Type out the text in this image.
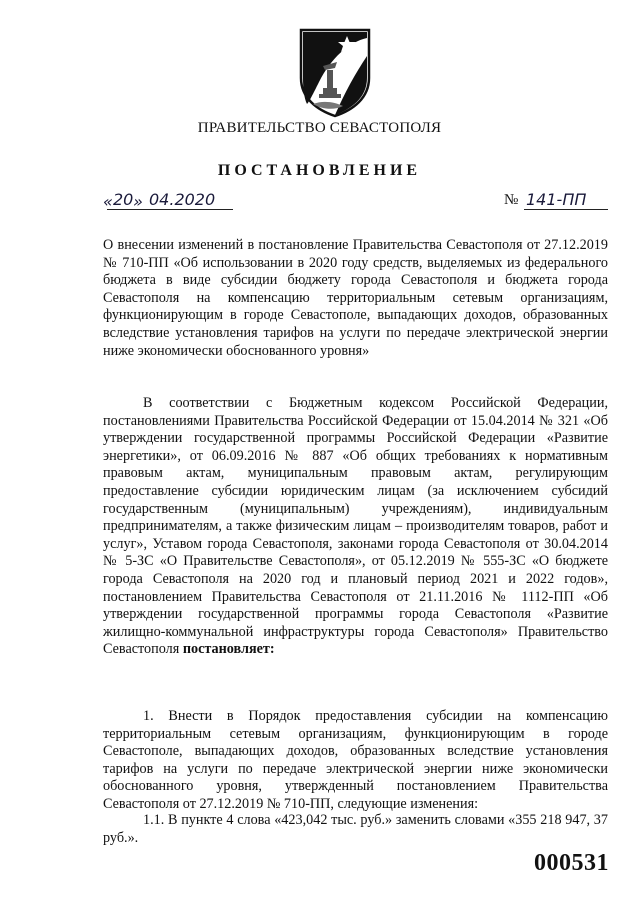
ПРАВИТЕЛЬСТВО СЕВАСТОПОЛЯ
ПОСТАНОВЛЕНИЕ
« 20 » 04.2020	№ 141-ПП
О внесении изменений в постановление Правительства Севастополя от 27.12.2019 № 710-ПП «Об использовании в 2020 году средств, выделяемых из федерального бюджета в виде субсидии бюджету города Севастополя и бюджета города Севастополя на компенсацию территориальным сетевым организациям, функционирующим в городе Севастополе, выпадающих доходов, образованных вследствие установления тарифов на услуги по передаче электрической энергии ниже экономически обоснованного уровня»
В соответствии с Бюджетным кодексом Российской Федерации, постановлениями Правительства Российской Федерации от 15.04.2014 № 321 «Об утверждении государственной программы Российской Федерации «Развитие энергетики», от 06.09.2016 № 887 «Об общих требованиях к нормативным правовым актам, муниципальным правовым актам, регулирующим предоставление субсидии юридическим лицам (за исключением субсидий государственным (муниципальным) учреждениям), индивидуальным предпринимателям, а также физическим лицам – производителям товаров, работ и услуг», Уставом города Севастополя, законами города Севастополя от 30.04.2014 № 5-ЗС «О Правительстве Севастополя», от 05.12.2019 № 555-ЗС «О бюджете города Севастополя на 2020 год и плановый период 2021 и 2022 годов», постановлением Правительства Севастополя от 21.11.2016 № 1112-ПП «Об утверждении государственной программы города Севастополя «Развитие жилищно-коммунальной инфраструктуры города Севастополя» Правительство Севастополя постановляет:
1. Внести в Порядок предоставления субсидии на компенсацию территориальным сетевым организациям, функционирующим в городе Севастополе, выпадающих доходов, образованных вследствие установления тарифов на услуги по передаче электрической энергии ниже экономически обоснованного уровня, утвержденный постановлением Правительства Севастополя от 27.12.2019 № 710-ПП, следующие изменения:
1.1. В пункте 4 слова «423,042 тыс. руб.» заменить словами «355 218 947, 37 руб.».
000531
